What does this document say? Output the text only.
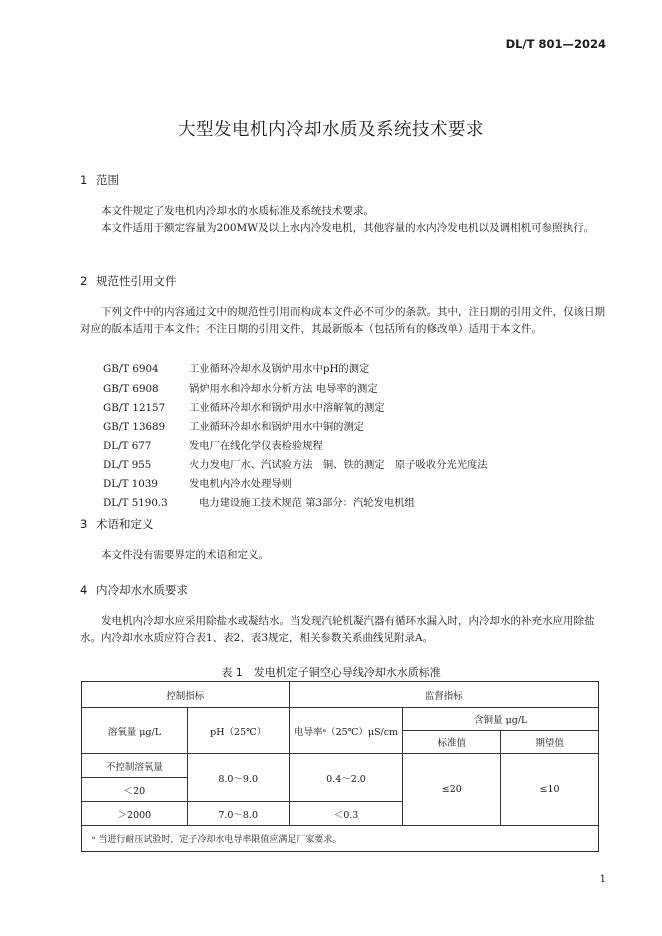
DL/T 801—2024
大型发电机内冷却水质及系统技术要求
1 范围
本文件规定了发电机内冷却水的水质标准及系统技术要求。
本文件适用于额定容量为200MW及以上水内冷发电机，其他容量的水内冷发电机以及调相机可参照执行。
2 规范性引用文件
下列文件中的内容通过文中的规范性引用而构成本文件必不可少的条款。其中，注日期的引用文件，仅该日期对应的版本适用于本文件；不注日期的引用文件，其最新版本（包括所有的修改单）适用于本文件。
GB/T 6904	工业循环冷却水及锅炉用水中pH的测定
GB/T 6908	锅炉用水和冷却水分析方法 电导率的测定
GB/T 12157 工业循环冷却水和锅炉用水中溶解氧的测定
GB/T 13689 工业循环冷却水和锅炉用水中铜的测定
DL/T 677	发电厂在线化学仪表检验规程
DL/T 955	火力发电厂水、汽试验方法　铜、铁的测定　原子吸收分光光度法
DL/T 1039	发电机内冷水处理导则
DL/T 5190.3	电力建设施工技术规范 第3部分：汽轮发电机组
3 术语和定义
本文件没有需要界定的术语和定义。
4 内冷却水水质要求
发电机内冷却水应采用除盐水或凝结水。当发现汽轮机凝汽器有循环水漏入时，内冷却水的补充水应用除盐水。内冷却水水质应符合表1、表2、表3规定，相关参数关系曲线见附录A。
表 1　发电机定子铜空心导线冷却水水质标准
控制指标		监督指标		
溶氧量 μg/L	pH（25℃）	电导率ᵃ（25℃）μS/cm	含铜量 μg/L	
			标准值	期望值
不控制溶氧量	8.0～9.0	0.4～2.0	≤20	≤10
＜20				
＞2000	7.0～8.0	＜0.3		
ᵃ 当进行耐压试验时，定子冷却水电导率限值应满足厂家要求。				
1
